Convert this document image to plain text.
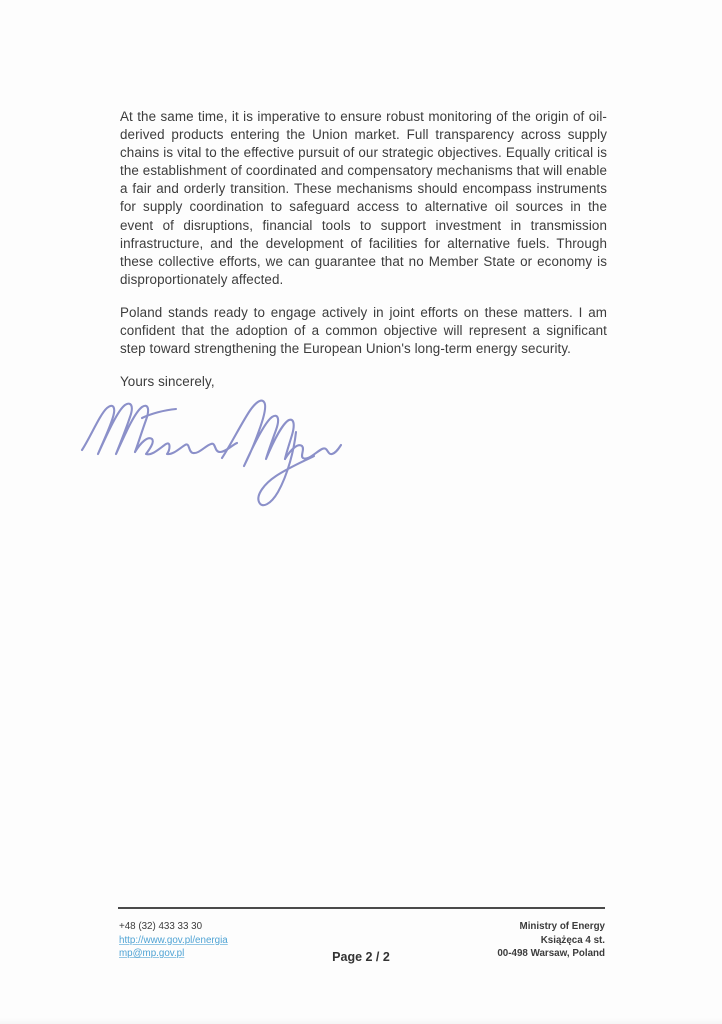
At the same time, it is imperative to ensure robust monitoring of the origin of oil-derived products entering the Union market. Full transparency across supply chains is vital to the effective pursuit of our strategic objectives. Equally critical is the establishment of coordinated and compensatory mechanisms that will enable a fair and orderly transition. These mechanisms should encompass instruments for supply coordination to safeguard access to alternative oil sources in the event of disruptions, financial tools to support investment in transmission infrastructure, and the development of facilities for alternative fuels. Through these collective efforts, we can guarantee that no Member State or economy is disproportionately affected.

Poland stands ready to engage actively in joint efforts on these matters. I am confident that the adoption of a common objective will represent a significant step toward strengthening the European Union's long-term energy security.

Yours sincerely,

+48 (32) 433 33 30
http://www.gov.pl/energia
mp@mp.gov.pl
Ministry of Energy
Książęca 4 st.
00-498 Warsaw, Poland
Page 2 / 2
